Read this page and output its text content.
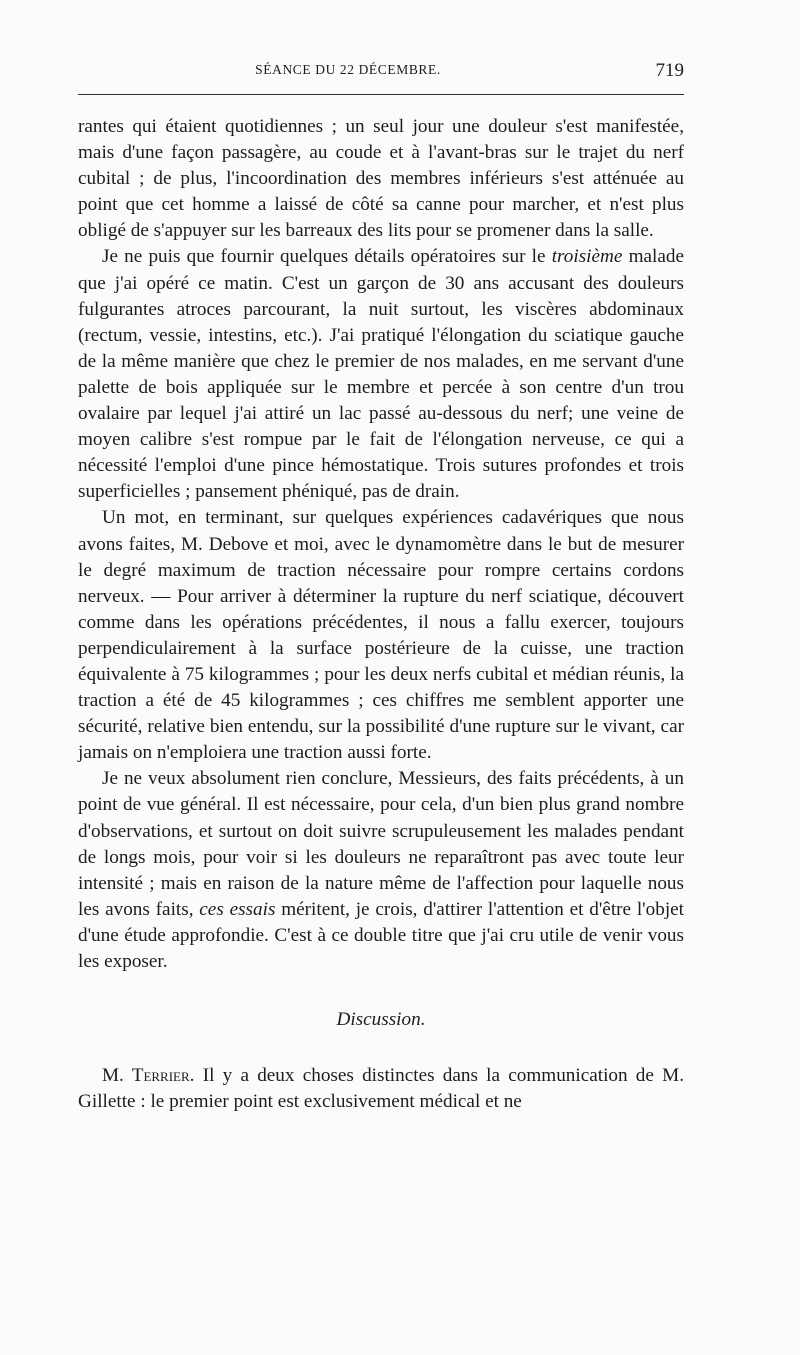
SÉANCE DU 22 DÉCEMBRE.	719

rantes qui étaient quotidiennes ; un seul jour une douleur s'est manifestée, mais d'une façon passagère, au coude et à l'avant-bras sur le trajet du nerf cubital ; de plus, l'incoordination des membres inférieurs s'est atténuée au point que cet homme a laissé de côté sa canne pour marcher, et n'est plus obligé de s'appuyer sur les barreaux des lits pour se promener dans la salle.

Je ne puis que fournir quelques détails opératoires sur le troisième malade que j'ai opéré ce matin. C'est un garçon de 30 ans accusant des douleurs fulgurantes atroces parcourant, la nuit surtout, les viscères abdominaux (rectum, vessie, intestins, etc.). J'ai pratiqué l'élongation du sciatique gauche de la même manière que chez le premier de nos malades, en me servant d'une palette de bois appliquée sur le membre et percée à son centre d'un trou ovalaire par lequel j'ai attiré un lac passé au-dessous du nerf; une veine de moyen calibre s'est rompue par le fait de l'élongation nerveuse, ce qui a nécessité l'emploi d'une pince hémostatique. Trois sutures profondes et trois superficielles ; pansement phéniqué, pas de drain.

Un mot, en terminant, sur quelques expériences cadavériques que nous avons faites, M. Debove et moi, avec le dynamomètre dans le but de mesurer le degré maximum de traction nécessaire pour rompre certains cordons nerveux. — Pour arriver à déterminer la rupture du nerf sciatique, découvert comme dans les opérations précédentes, il nous a fallu exercer, toujours perpendiculairement à la surface postérieure de la cuisse, une traction équivalente à 75 kilogrammes ; pour les deux nerfs cubital et médian réunis, la traction a été de 45 kilogrammes ; ces chiffres me semblent apporter une sécurité, relative bien entendu, sur la possibilité d'une rupture sur le vivant, car jamais on n'emploiera une traction aussi forte.

Je ne veux absolument rien conclure, Messieurs, des faits précédents, à un point de vue général. Il est nécessaire, pour cela, d'un bien plus grand nombre d'observations, et surtout on doit suivre scrupuleusement les malades pendant de longs mois, pour voir si les douleurs ne reparaîtront pas avec toute leur intensité ; mais en raison de la nature même de l'affection pour laquelle nous les avons faits, ces essais méritent, je crois, d'attirer l'attention et d'être l'objet d'une étude approfondie. C'est à ce double titre que j'ai cru utile de venir vous les exposer.

Discussion.

M. Terrier. Il y a deux choses distinctes dans la communication de M. Gillette : le premier point est exclusivement médical et ne
